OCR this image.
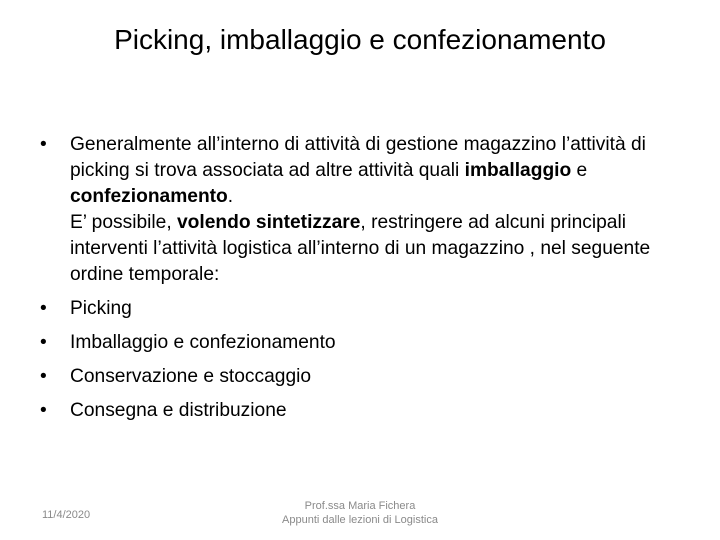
Picking, imballaggio e confezionamento
• Generalmente all’interno di attività di gestione magazzino l’attività di picking si trova associata ad altre attività quali imballaggio e confezionamento.
E’ possibile, volendo sintetizzare, restringere ad alcuni principali interventi l’attività logistica all’interno di un magazzino , nel seguente ordine temporale:
• Picking
• Imballaggio e confezionamento
• Conservazione e stoccaggio
• Consegna e distribuzione
11/4/2020
Prof.ssa Maria Fichera
Appunti dalle lezioni di Logistica
